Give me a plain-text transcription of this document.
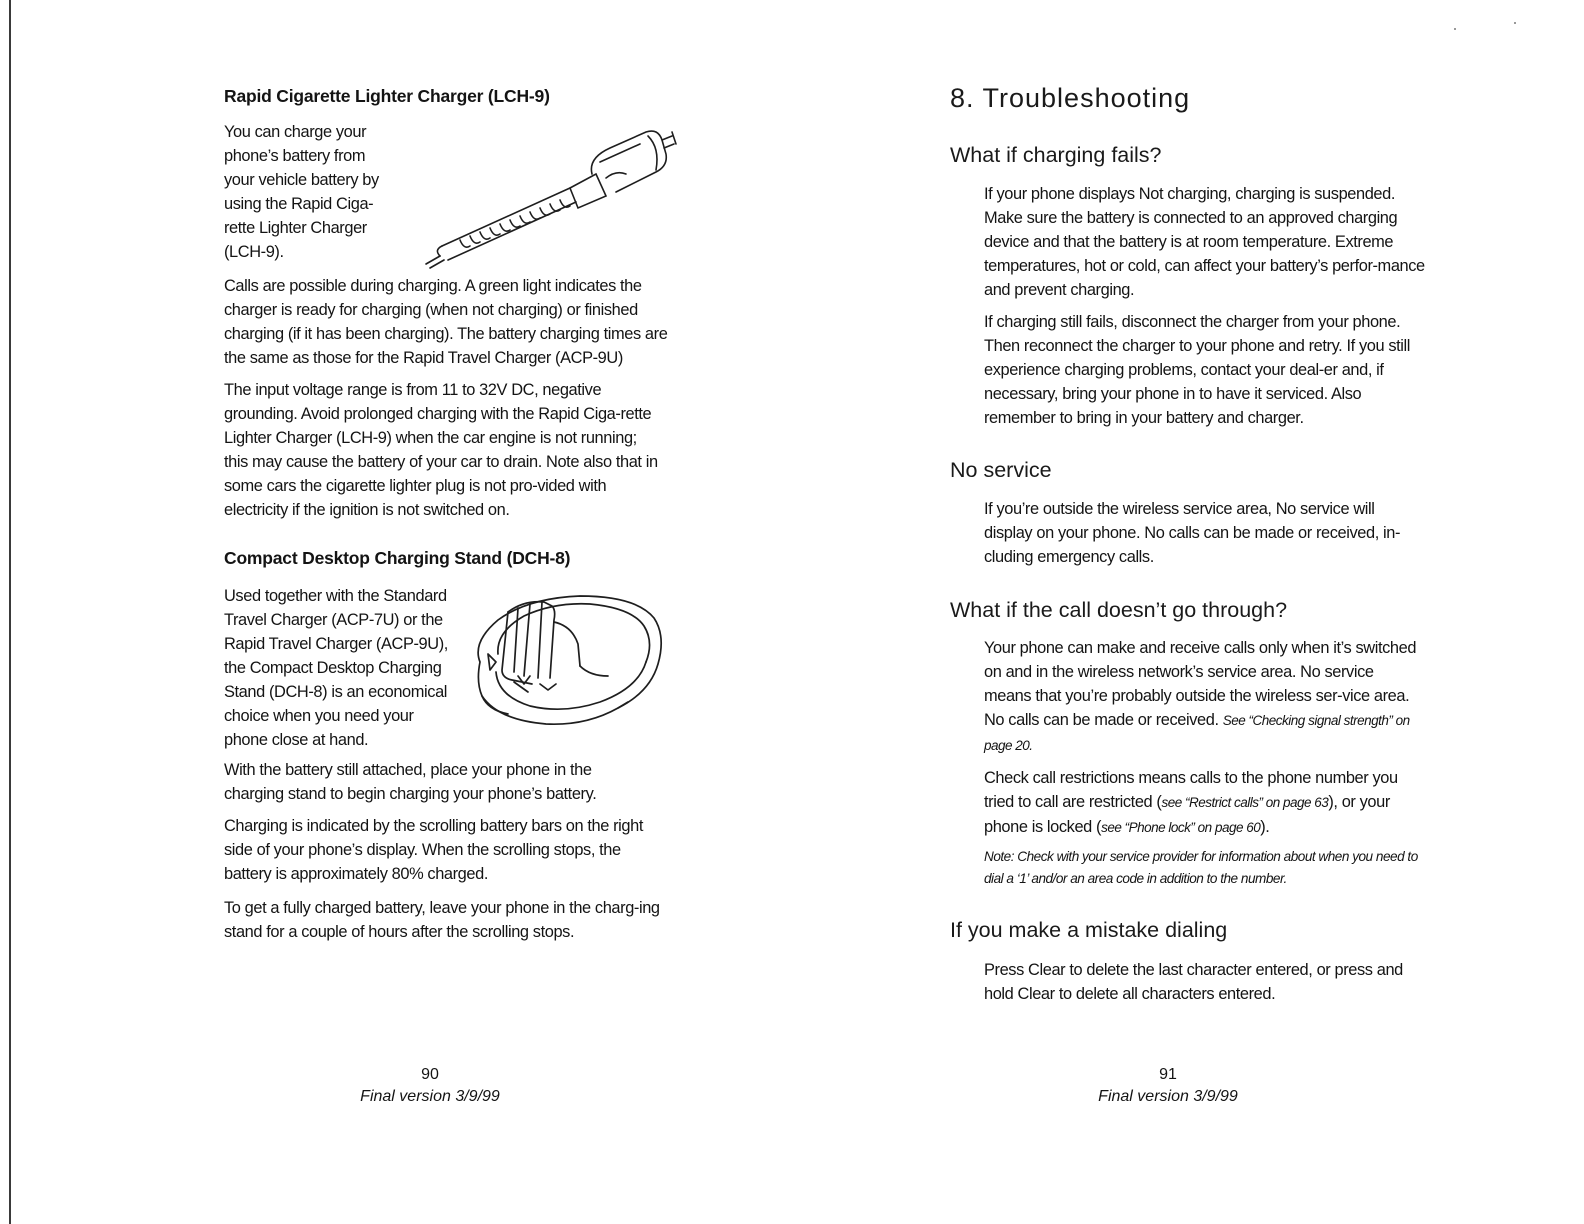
Rapid Cigarette Lighter Charger (LCH-9)
You can charge your
phone’s battery from
your vehicle battery by
using the Rapid Ciga-
rette Lighter Charger
(LCH-9).

Calls are possible during charging. A green light indicates the charger is ready for charging (when not charging) or finished charging (if it has been charging). The battery charging times are the same as those for the Rapid Travel Charger (ACP-9U)

The input voltage range is from 11 to 32V DC, negative grounding. Avoid prolonged charging with the Rapid Ciga-rette Lighter Charger (LCH-9) when the car engine is not running; this may cause the battery of your car to drain. Note also that in some cars the cigarette lighter plug is not pro-vided with electricity if the ignition is not switched on.

Compact Desktop Charging Stand (DCH-8)
Used together with the Standard
Travel Charger (ACP-7U) or the
Rapid Travel Charger (ACP-9U),
the Compact Desktop Charging
Stand (DCH-8) is an economical
choice when you need your
phone close at hand.

With the battery still attached, place your phone in the charging stand to begin charging your phone’s battery.

Charging is indicated by the scrolling battery bars on the right side of your phone’s display. When the scrolling stops, the battery is approximately 80% charged.

To get a fully charged battery, leave your phone in the charg-ing stand for a couple of hours after the scrolling stops.

90
Final version 3/9/99
8. Troubleshooting
What if charging fails?

If your phone displays Not charging, charging is suspended. Make sure the battery is connected to an approved charging device and that the battery is at room temperature. Extreme temperatures, hot or cold, can affect your battery’s perfor-mance and prevent charging.

If charging still fails, disconnect the charger from your phone. Then reconnect the charger to your phone and retry. If you still experience charging problems, contact your deal-er and, if necessary, bring your phone in to have it serviced. Also remember to bring in your battery and charger.

No service

If you’re outside the wireless service area, No service will display on your phone. No calls can be made or received, in-cluding emergency calls.

What if the call doesn’t go through?

Your phone can make and receive calls only when it’s switched on and in the wireless network’s service area. No service means that you’re probably outside the wireless ser-vice area. No calls can be made or received. See “Checking signal strength” on page 20.

Check call restrictions means calls to the phone number you tried to call are restricted (see “Restrict calls” on page 63), or your phone is locked (see “Phone lock” on page 60).

Note: Check with your service provider for information about when you need to dial a ‘1’ and/or an area code in addition to the number.

If you make a mistake dialing

Press Clear to delete the last character entered, or press and hold Clear to delete all characters entered.

91
Final version 3/9/99
